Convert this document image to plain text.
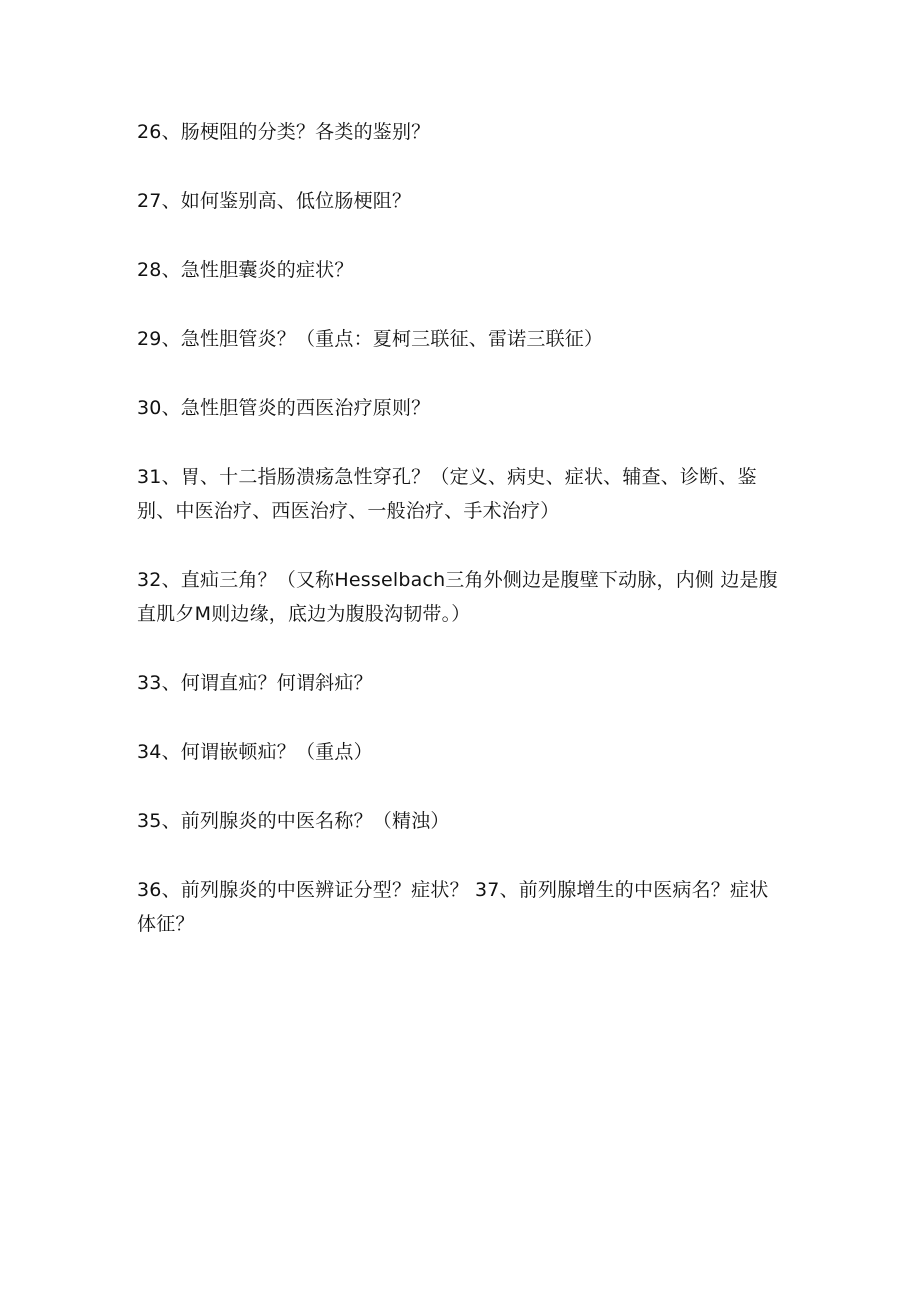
26、肠梗阻的分类？各类的鉴别？

27、如何鉴别高、低位肠梗阻？

28、急性胆囊炎的症状？

29、急性胆管炎？（重点：夏柯三联征、雷诺三联征）

30、急性胆管炎的西医治疗原则？

31、胃、十二指肠溃疡急性穿孔？（定义、病史、症状、辅查、诊断、鉴别、中医治疗、西医治疗、一般治疗、手术治疗）

32、直疝三角？（又称Hesselbach三角外侧边是腹壁下动脉，内侧 边是腹直肌夕M则边缘，底边为腹股沟韧带。）

33、何谓直疝？何谓斜疝？

34、何谓嵌顿疝？（重点）

35、前列腺炎的中医名称？（精浊）

36、前列腺炎的中医辨证分型？症状？ 37、前列腺增生的中医病名？症状体征？
